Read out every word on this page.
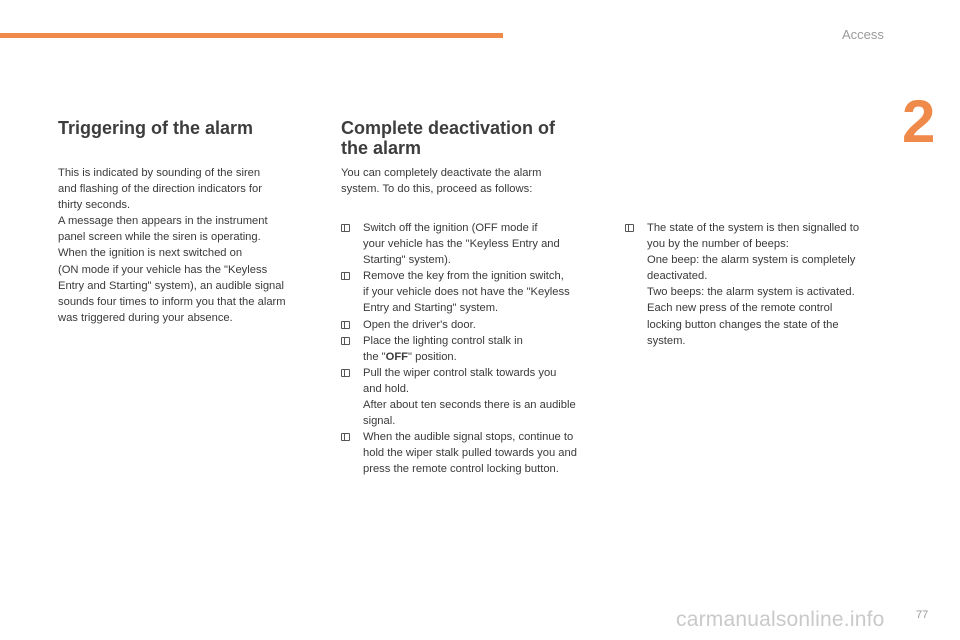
Access
2
Triggering of the alarm

This is indicated by sounding of the siren
and flashing of the direction indicators for
thirty seconds.
A message then appears in the instrument
panel screen while the siren is operating.
When the ignition is next switched on
(ON mode if your vehicle has the "Keyless
Entry and Starting" system), an audible signal
sounds four times to inform you that the alarm
was triggered during your absence.

Complete deactivation of
the alarm

You can completely deactivate the alarm
system. To do this, proceed as follows:

Switch off the ignition (OFF mode if
your vehicle has the "Keyless Entry and
Starting" system).
Remove the key from the ignition switch,
if your vehicle does not have the "Keyless
Entry and Starting" system.
Open the driver's door.
Place the lighting control stalk in
the "OFF" position.
Pull the wiper control stalk towards you
and hold.
After about ten seconds there is an audible
signal.
When the audible signal stops, continue to
hold the wiper stalk pulled towards you and
press the remote control locking button.
The state of the system is then signalled to
you by the number of beeps:
One beep: the alarm system is completely
deactivated.
Two beeps: the alarm system is activated.
Each new press of the remote control
locking button changes the state of the
system.
carmanualsonline.info	77
